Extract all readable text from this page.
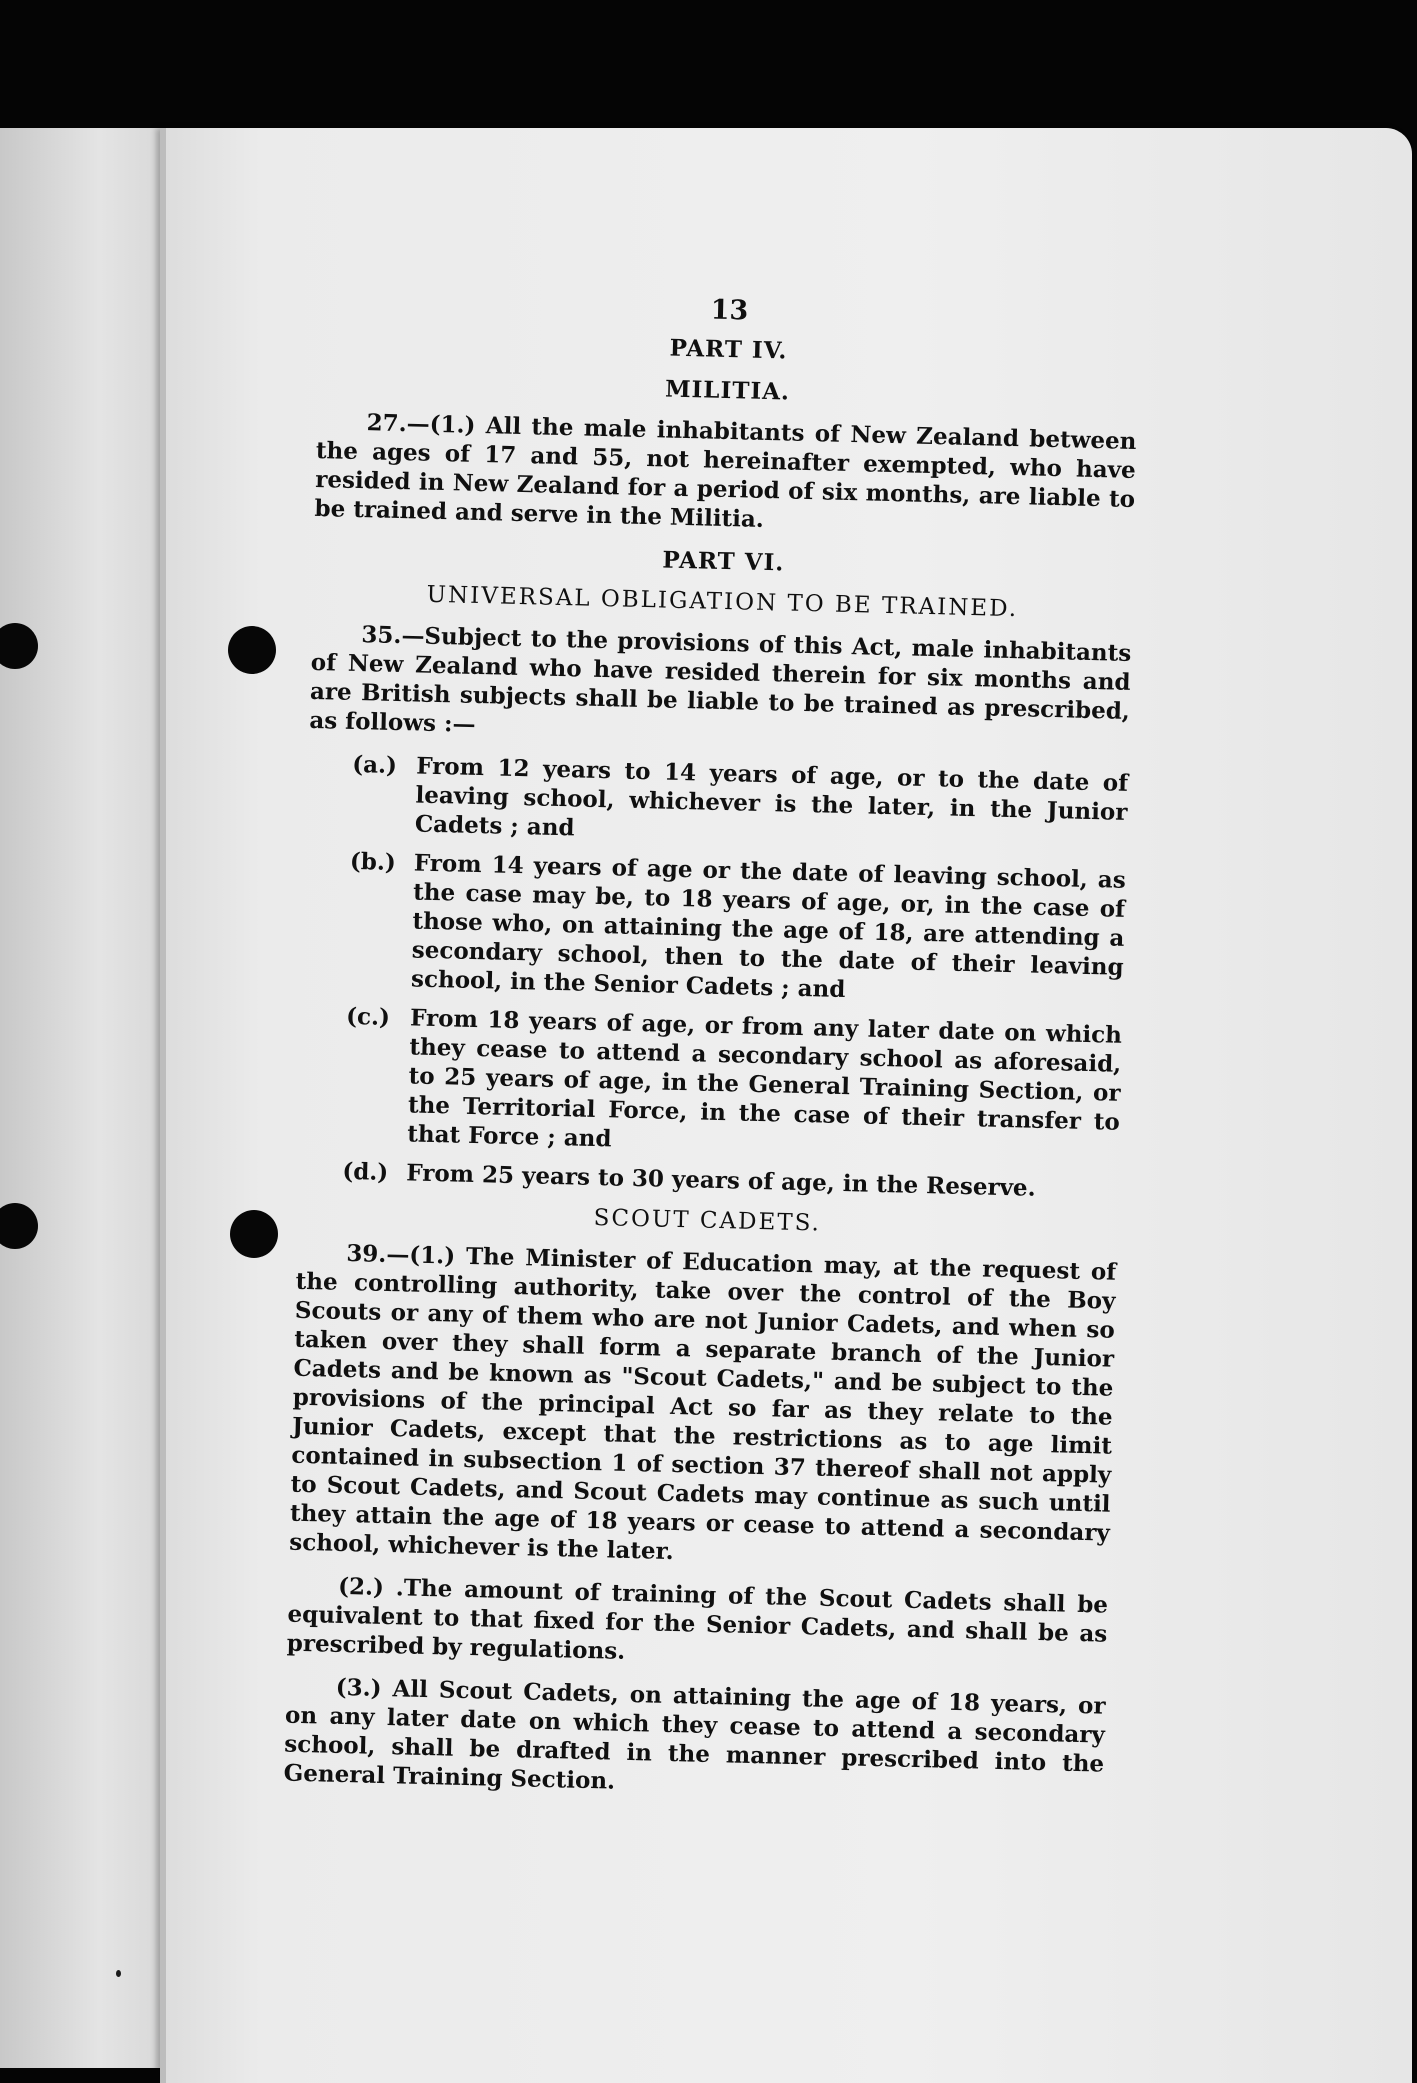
13
PART IV.
MILITIA.

27.—(1.) All the male inhabitants of New Zealand between the ages of 17 and 55, not hereinafter exempted, who have resided in New Zealand for a period of six months, are liable to be trained and serve in the Militia.

PART VI.
UNIVERSAL OBLIGATION TO BE TRAINED.

35.—Subject to the provisions of this Act, male inhabitants of New Zealand who have resided therein for six months and are British subjects shall be liable to be trained as prescribed, as follows :—

(a.) From 12 years to 14 years of age, or to the date of leaving school, whichever is the later, in the Junior Cadets ; and
(b.) From 14 years of age or the date of leaving school, as the case may be, to 18 years of age, or, in the case of those who, on attaining the age of 18, are attending a secondary school, then to the date of their leaving school, in the Senior Cadets ; and
(c.) From 18 years of age, or from any later date on which they cease to attend a secondary school as aforesaid, to 25 years of age, in the General Training Section, or the Territorial Force, in the case of their transfer to that Force ; and
(d.) From 25 years to 30 years of age, in the Reserve.
SCOUT CADETS.

39.—(1.) The Minister of Education may, at the request of the controlling authority, take over the control of the Boy Scouts or any of them who are not Junior Cadets, and when so taken over they shall form a separate branch of the Junior Cadets and be known as "Scout Cadets," and be subject to the provisions of the principal Act so far as they relate to the Junior Cadets, except that the restrictions as to age limit contained in subsection 1 of section 37 thereof shall not apply to Scout Cadets, and Scout Cadets may continue as such until they attain the age of 18 years or cease to attend a secondary school, whichever is the later.

(2.) .The amount of training of the Scout Cadets shall be equivalent to that fixed for the Senior Cadets, and shall be as prescribed by regulations.

(3.) All Scout Cadets, on attaining the age of 18 years, or on any later date on which they cease to attend a secondary school, shall be drafted in the manner prescribed into the General Training Section.
